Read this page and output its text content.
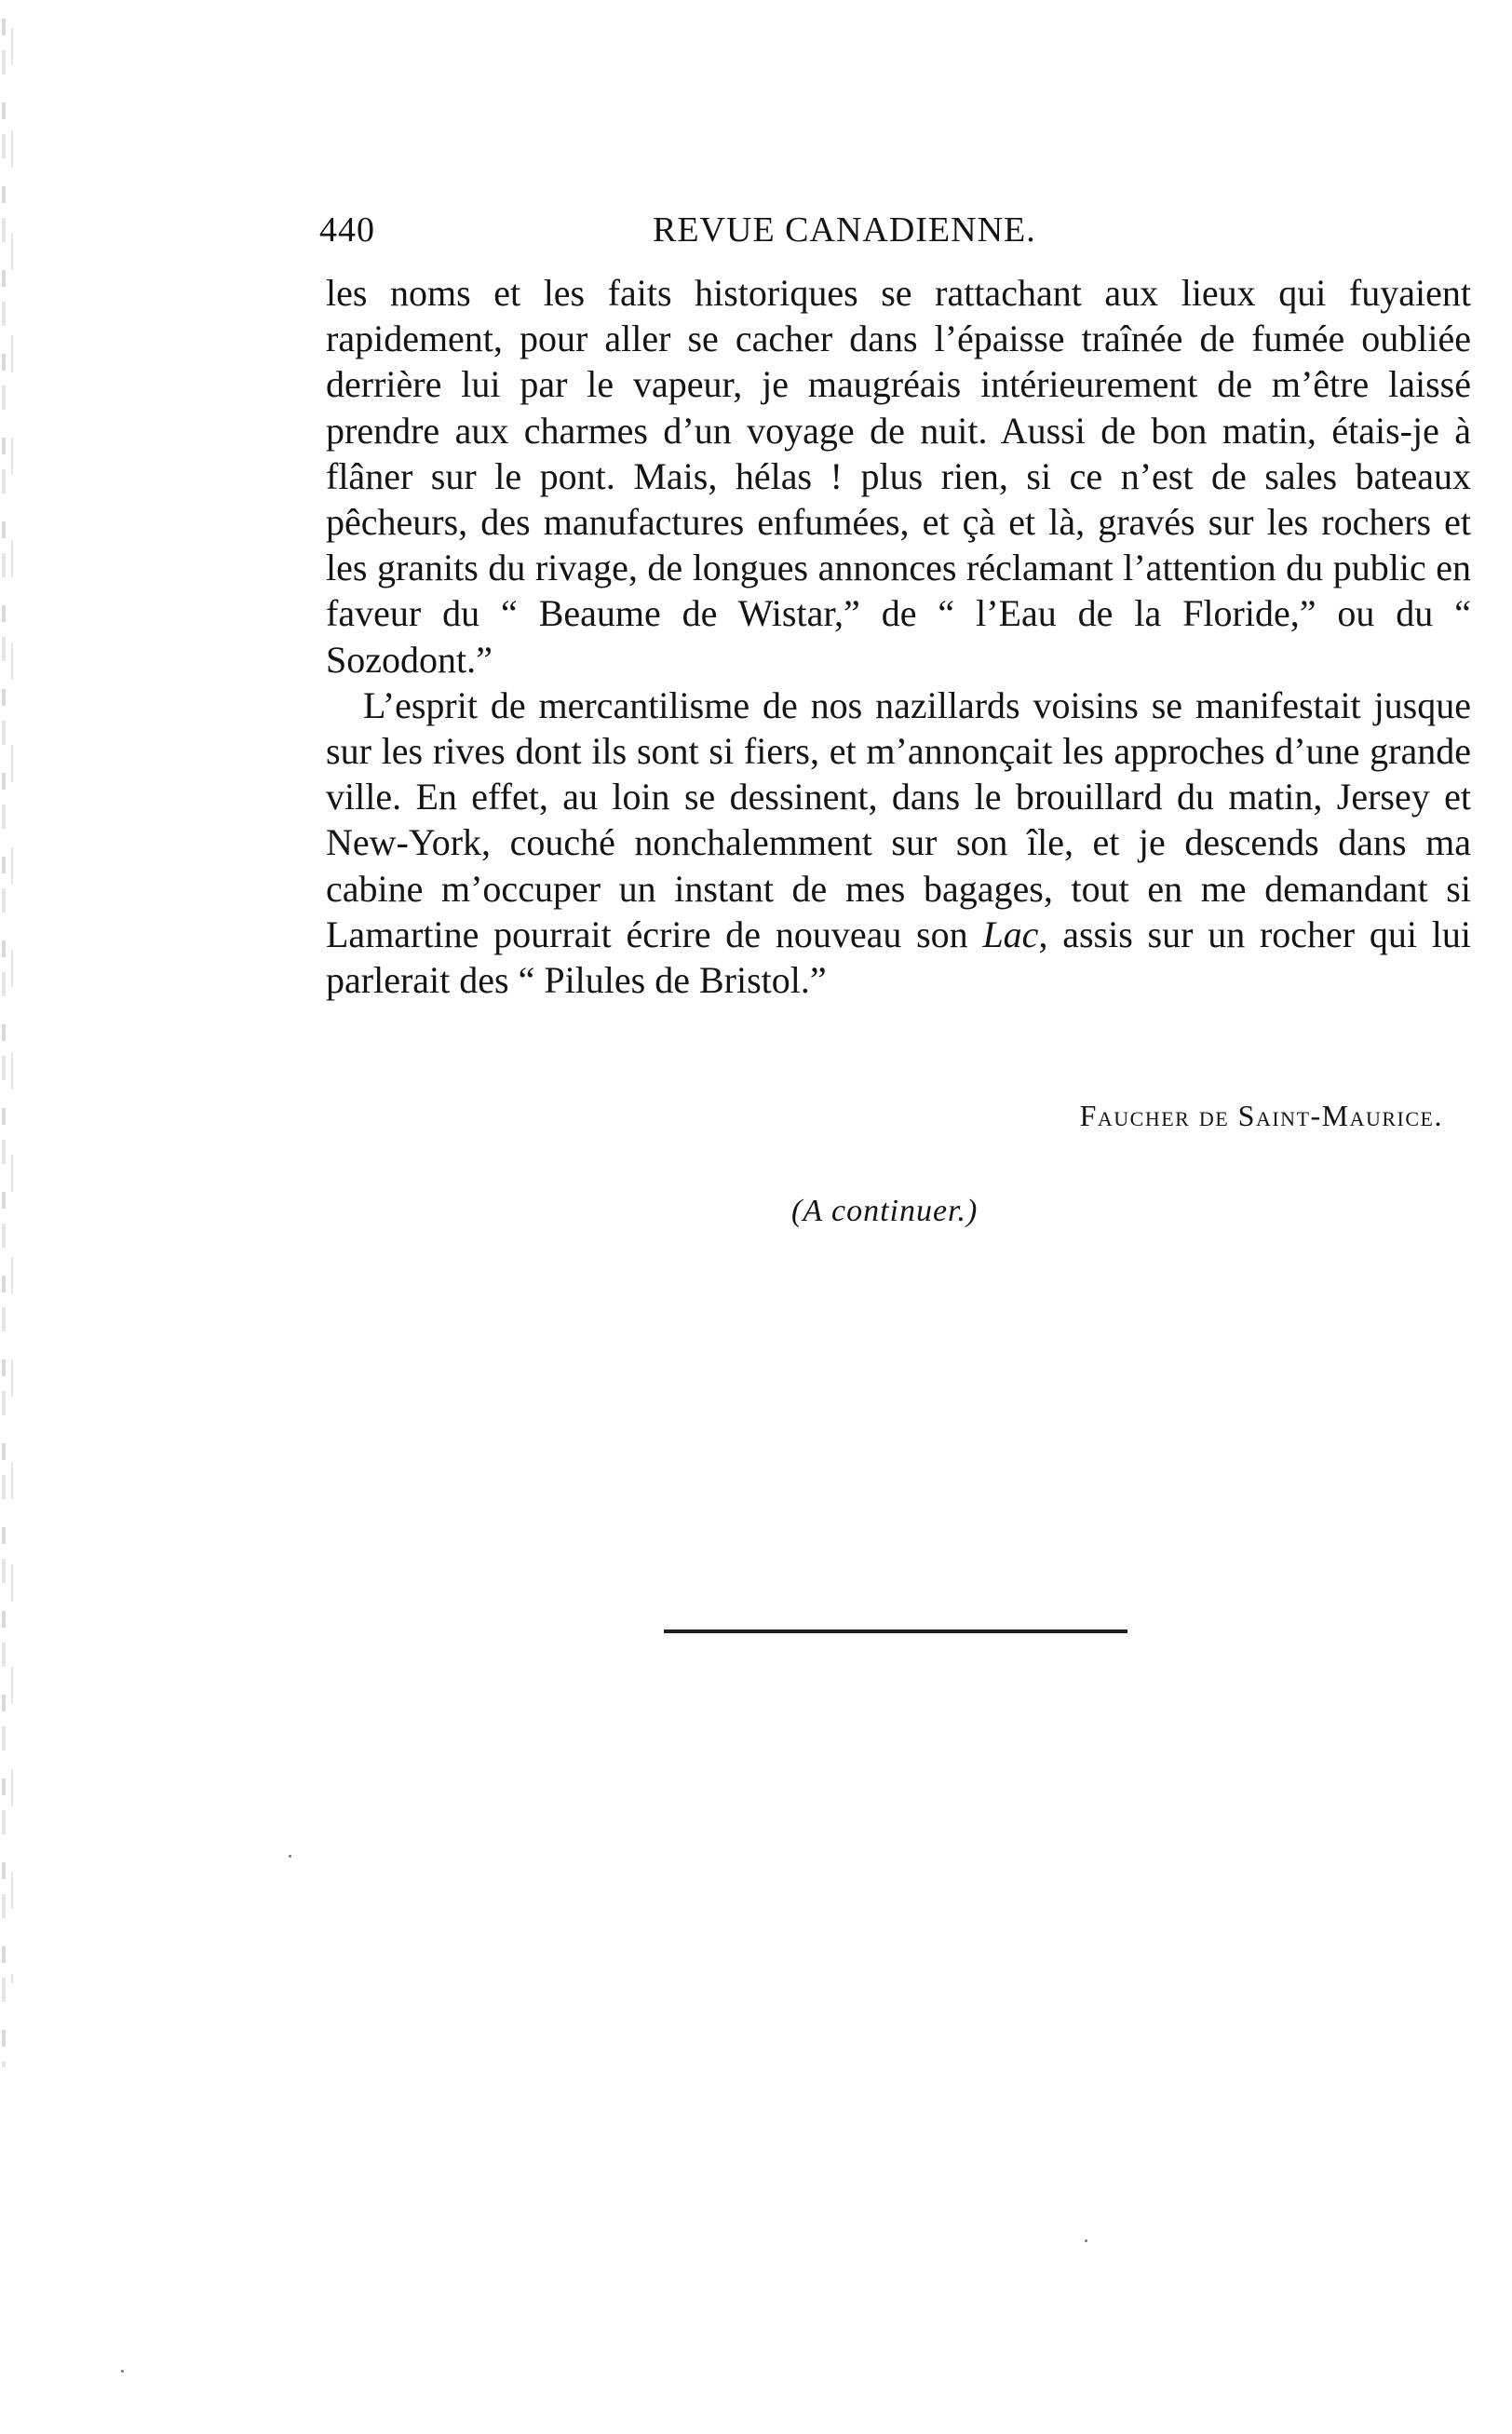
440	REVUE CANADIENNE.

les noms et les faits historiques se rattachant aux lieux qui fuyaient rapidement, pour aller se cacher dans l’épaisse traînée de fumée oubliée derrière lui par le vapeur, je maugréais intérieurement de m’être laissé prendre aux charmes d’un voyage de nuit. Aussi de bon matin, étais-je à flâner sur le pont. Mais, hélas ! plus rien, si ce n’est de sales bateaux pêcheurs, des manufactures enfumées, et çà et là, gravés sur les rochers et les granits du rivage, de longues annonces réclamant l’attention du public en faveur du “ Beaume de Wistar,” de “ l’Eau de la Floride,” ou du “ Sozodont.”

L’esprit de mercantilisme de nos nazillards voisins se manifestait jusque sur les rives dont ils sont si fiers, et m’annonçait les approches d’une grande ville. En effet, au loin se dessinent, dans le brouillard du matin, Jersey et New-York, couché nonchalemment sur son île, et je descends dans ma cabine m’occuper un instant de mes bagages, tout en me demandant si Lamartine pourrait écrire de nouveau son Lac, assis sur un rocher qui lui parlerait des “ Pilules de Bristol.”

Faucher de Saint-Maurice.
(A continuer.)
